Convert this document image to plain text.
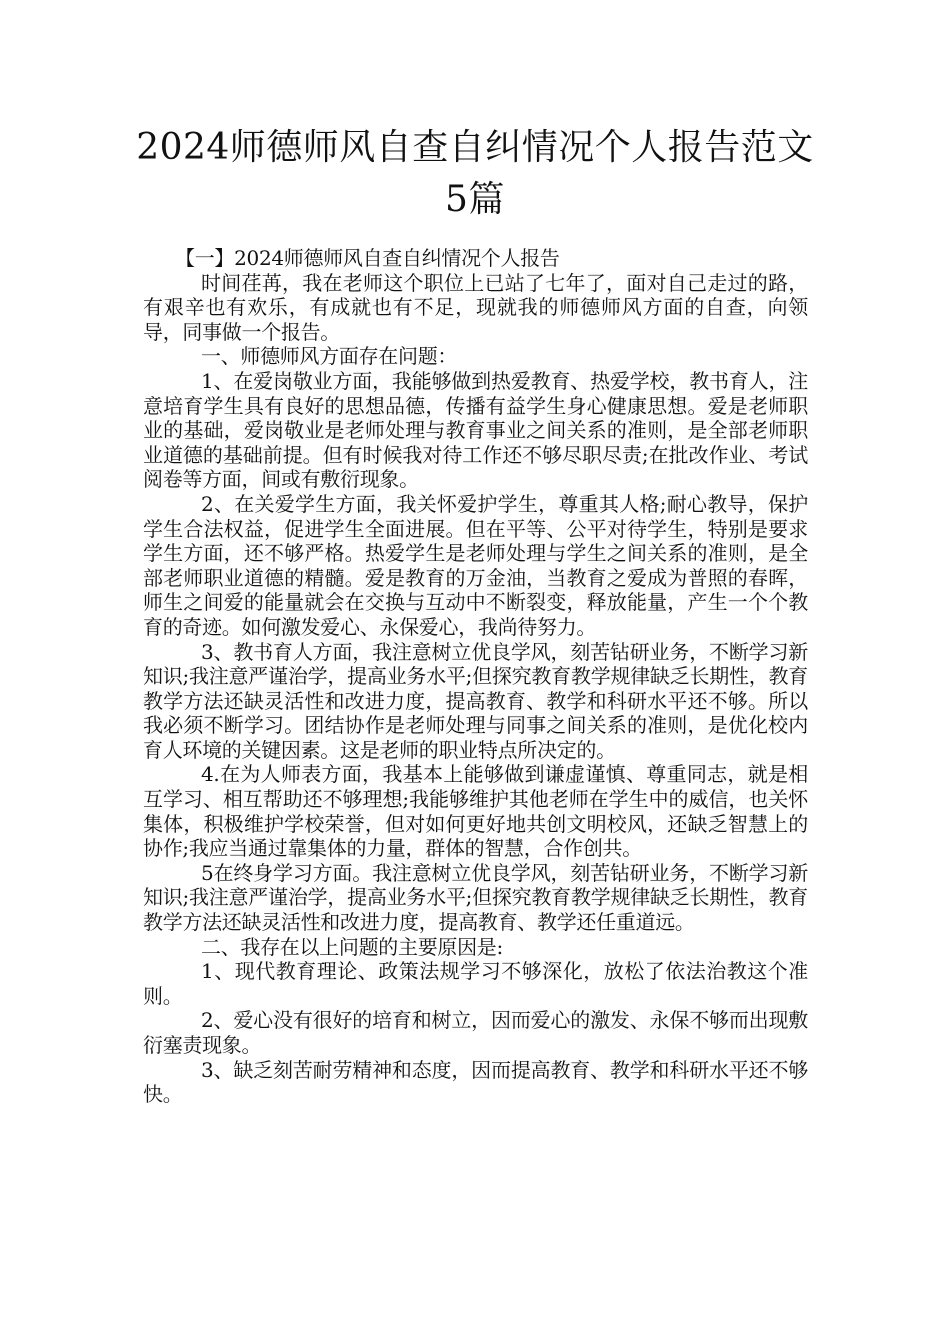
2024师德师风自查自纠情况个人报告范文
5篇

【一】2024师德师风自查自纠情况个人报告

时间荏苒，我在老师这个职位上已站了七年了，面对自己走过的路，有艰辛也有欢乐，有成就也有不足，现就我的师德师风方面的自查，向领导，同事做一个报告。

一、师德师风方面存在问题：

1、在爱岗敬业方面，我能够做到热爱教育、热爱学校，教书育人，注意培育学生具有良好的思想品德，传播有益学生身心健康思想。爱是老师职业的基础，爱岗敬业是老师处理与教育事业之间关系的准则，是全部老师职业道德的基础前提。但有时候我对待工作还不够尽职尽责;在批改作业、考试阅卷等方面，间或有敷衍现象。

2、在关爱学生方面，我关怀爱护学生，尊重其人格;耐心教导，保护学生合法权益，促进学生全面进展。但在平等、公平对待学生，特别是要求学生方面，还不够严格。热爱学生是老师处理与学生之间关系的准则，是全部老师职业道德的精髓。爱是教育的万金油，当教育之爱成为普照的春晖，师生之间爱的能量就会在交换与互动中不断裂变，释放能量，产生一个个教育的奇迹。如何激发爱心、永保爱心，我尚待努力。

3、教书育人方面，我注意树立优良学风，刻苦钻研业务，不断学习新知识;我注意严谨治学，提高业务水平;但探究教育教学规律缺乏长期性，教育教学方法还缺灵活性和改进力度，提高教育、教学和科研水平还不够。所以我必须不断学习。团结协作是老师处理与同事之间关系的准则，是优化校内育人环境的关键因素。这是老师的职业特点所决定的。

4.在为人师表方面，我基本上能够做到谦虚谨慎、尊重同志，就是相互学习、相互帮助还不够理想;我能够维护其他老师在学生中的威信，也关怀集体，积极维护学校荣誉，但对如何更好地共创文明校风，还缺乏智慧上的协作;我应当通过靠集体的力量，群体的智慧，合作创共。

5在终身学习方面。我注意树立优良学风，刻苦钻研业务，不断学习新知识;我注意严谨治学，提高业务水平;但探究教育教学规律缺乏长期性，教育教学方法还缺灵活性和改进力度，提高教育、教学还任重道远。

二、我存在以上问题的主要原因是:

1、现代教育理论、政策法规学习不够深化，放松了依法治教这个准则。

2、爱心没有很好的培育和树立，因而爱心的激发、永保不够而出现敷衍塞责现象。

3、缺乏刻苦耐劳精神和态度，因而提高教育、教学和科研水平还不够快。
